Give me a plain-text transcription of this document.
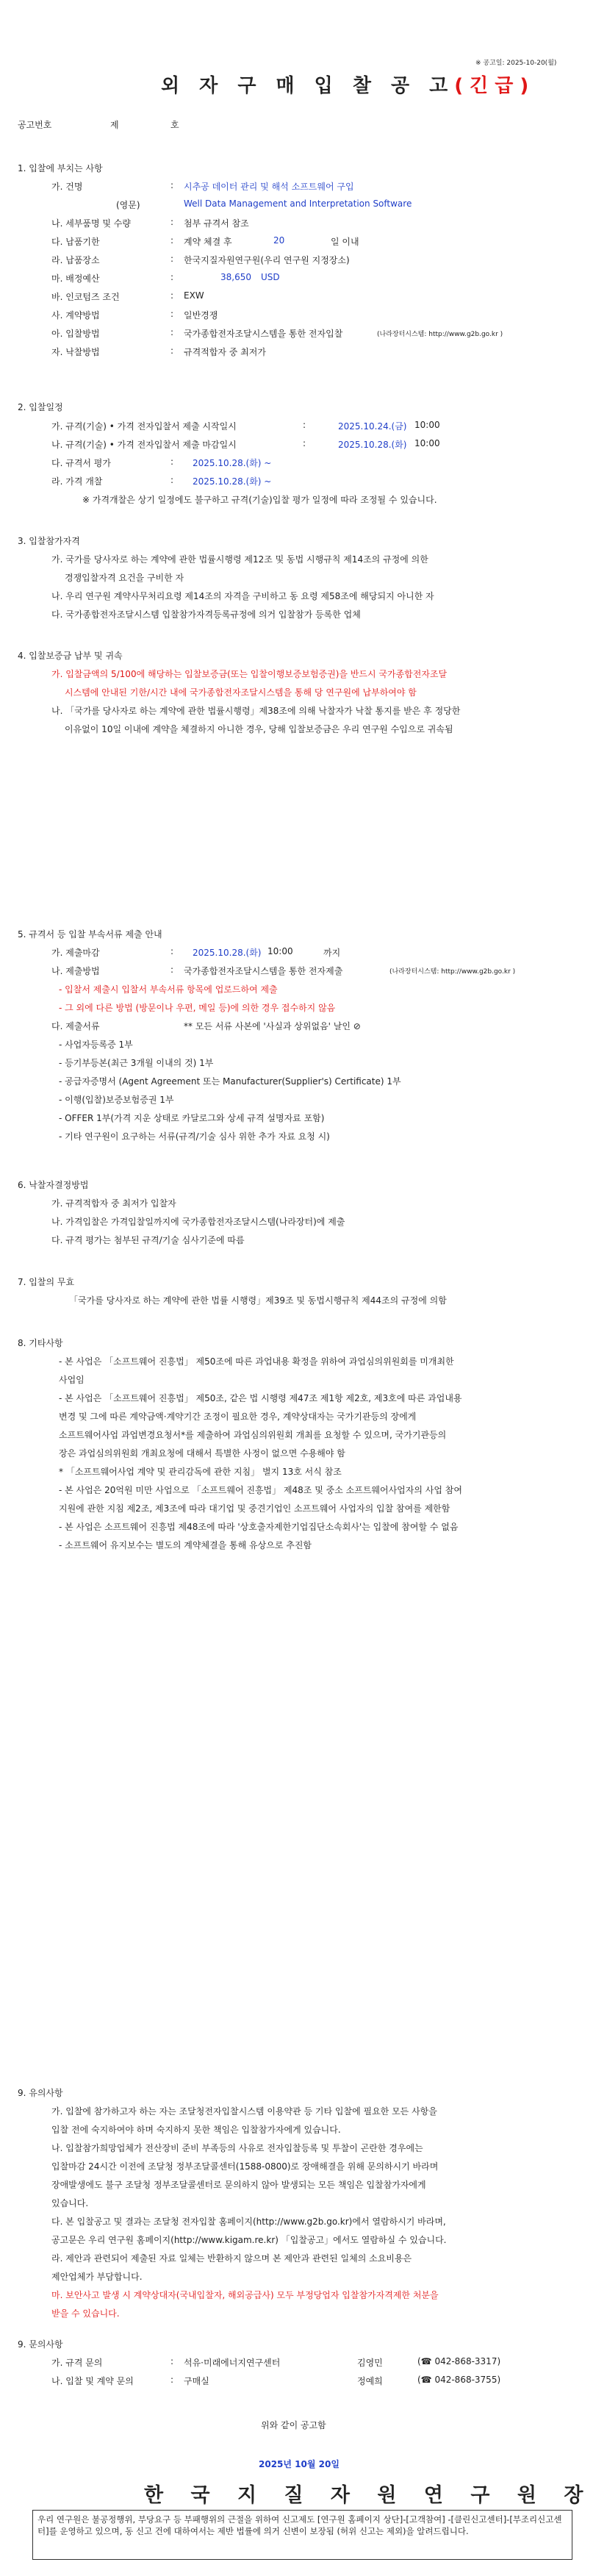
※ 공고일: 2025-10-20(월)
외 자 구 매 입 찰 공 고(긴급)
공고번호	제	호
1. 입찰에 부치는 사항
가. 건명	: 시추공 데이터 관리 및 해석 소프트웨어 구입
(영문)	Well Data Management and Interpretation Software
나. 세부품명 및 수량	: 첨부 규격서 참조
다. 납품기한	: 계약 체결 후	20	일 이내
라. 납품장소	: 한국지질자원연구원(우리 연구원 지정장소)
마. 배정예산	:	38,650 USD
바. 인코텀즈 조건	: EXW
사. 계약방법	: 일반경쟁
아. 입찰방법	: 국가종합전자조달시스템을 통한 전자입찰	(나라장터시스템: http://www.g2b.go.kr )
자. 낙찰방법	: 규격적합자 중 최저가
2. 입찰일정
가. 규격(기술) • 가격 전자입찰서 제출 시작일시	:	2025.10.24.(금) 10:00
나. 규격(기술) • 가격 전자입찰서 제출 마감일시	:	2025.10.28.(화) 10:00
다. 규격서 평가	: 2025.10.28.(화) ~
라. 가격 개찰	: 2025.10.28.(화) ~
※ 가격개찰은 상기 일정에도 불구하고 규격(기술)입찰 평가 일정에 따라 조정될 수 있습니다.
3. 입찰참가자격
가. 국가를 당사자로 하는 계약에 관한 법률시행령 제12조 및 동법 시행규칙 제14조의 규정에 의한
경쟁입찰자격 요건을 구비한 자
나. 우리 연구원 계약사무처리요령 제14조의 자격을 구비하고 동 요령 제58조에 해당되지 아니한 자
다. 국가종합전자조달시스템 입찰참가자격등록규정에 의거 입찰참가 등록한 업체
4. 입찰보증금 납부 및 귀속
가. 입찰금액의 5/100에 해당하는 입찰보증금(또는 입찰이행보증보험증권)을 반드시 국가종합전자조달
시스템에 안내된 기한/시간 내에 국가종합전자조달시스템을 통해 당 연구원에 납부하여야 함
나. 「국가를 당사자로 하는 계약에 관한 법률시행령」제38조에 의해 낙찰자가 낙찰 통지를 받은 후 정당한
이유없이 10일 이내에 계약을 체결하지 아니한 경우, 당해 입찰보증금은 우리 연구원 수입으로 귀속됨
5. 규격서 등 입찰 부속서류 제출 안내
가. 제출마감	: 2025.10.28.(화) 10:00	까지
나. 제출방법	: 국가종합전자조달시스템을 통한 전자제출	(나라장터시스템: http://www.g2b.go.kr )
- 입찰서 제출시 입찰서 부속서류 항목에 업로드하여 제출
- 그 외에 다른 방법 (방문이나 우편, 메일 등)에 의한 경우 접수하지 않음
다. 제출서류	** 모든 서류 사본에 '사실과 상위없음' 날인 ⊘
- 사업자등록증 1부
- 등기부등본(최근 3개월 이내의 것) 1부
- 공급자증명서 (Agent Agreement 또는 Manufacturer(Supplier's) Certificate) 1부
- 이행(입찰)보증보험증권 1부
- OFFER 1부(가격 지운 상태로 카달로그와 상세 규격 설명자료 포함)
- 기타 연구원이 요구하는 서류(규격/기술 심사 위한 추가 자료 요청 시)
6. 낙찰자결정방법
가. 규격적합자 중 최저가 입찰자
나. 가격입찰은 가격입찰일까지에 국가종합전자조달시스템(나라장터)에 제출
다. 규격 평가는 첨부된 규격/기술 심사기준에 따름
7. 입찰의 무효
「국가를 당사자로 하는 계약에 관한 법률 시행령」제39조 및 동법시행규칙 제44조의 규정에 의함
8. 기타사항
- 본 사업은 「소프트웨어 진흥법」 제50조에 따른 과업내용 확정을 위하여 과업심의위원회를 미개최한
사업임
- 본 사업은 「소프트웨어 진흥법」 제50조, 같은 법 시행령 제47조 제1항 제2호, 제3호에 따른 과업내용
변경 및 그에 따른 계약금액·계약기간 조정이 필요한 경우, 계약상대자는 국가기관등의 장에게
소프트웨어사업 과업변경요청서*를 제출하여 과업심의위원회 개최를 요청할 수 있으며, 국가기관등의
장은 과업심의위원회 개최요청에 대해서 특별한 사정이 없으면 수용해야 함
* 「소프트웨어사업 계약 및 관리감독에 관한 지침」 별지 13호 서식 참조
- 본 사업은 20억원 미만 사업으로 「소프트웨어 진흥법」 제48조 및 중소 소프트웨어사업자의 사업 참여
지원에 관한 지침 제2조, 제3조에 따라 대기업 및 중견기업인 소프트웨어 사업자의 입찰 참여를 제한함
- 본 사업은 소프트웨어 진흥법 제48조에 따라 '상호출자제한기업집단소속회사'는 입찰에 참여할 수 없음
- 소프트웨어 유지보수는 별도의 계약체결을 통해 유상으로 추진함
9. 유의사항
가. 입찰에 참가하고자 하는 자는 조달청전자입찰시스템 이용약관 등 기타 입찰에 필요한 모든 사항을
입찰 전에 숙지하여야 하며 숙지하지 못한 책임은 입찰참가자에게 있습니다.
나. 입찰참가희망업체가 전산장비 준비 부족등의 사유로 전자입찰등록 및 투찰이 곤란한 경우에는
입찰마감 24시간 이전에 조달청 정부조달콜센터(1588-0800)로 장애해결을 위해 문의하시기 바라며
장애발생에도 불구 조달청 정부조달콜센터로 문의하지 않아 발생되는 모든 책임은 입찰참가자에게
있습니다.
다. 본 입찰공고 및 결과는 조달청 전자입찰 홈페이지(http://www.g2b.go.kr)에서 열람하시기 바라며,
공고문은 우리 연구원 홈페이지(http://www.kigam.re.kr) 「입찰공고」에서도 열람하실 수 있습니다.
라. 제안과 관련되어 제출된 자료 일체는 반환하지 않으며 본 제안과 관련된 일체의 소요비용은
제안업체가 부담합니다.
마. 보안사고 발생 시 계약상대자(국내입찰자, 해외공급사) 모두 부정당업자 입찰참가자격제한 처분을
받을 수 있습니다.
9. 문의사항
가. 규격 문의	: 석유·미래에너지연구센터	김영민	(☎ 042-868-3317)
나. 입찰 및 계약 문의	: 구매실	정예희	(☎ 042-868-3755)
위와 같이 공고함
2025년 10월 20일
한 국 지 질 자 원 연 구 원 장
우리 연구원은 불공정행위, 부당요구 등 부패행위의 근절을 위하여 신고제도 [연구원 홈페이지 상단]-[고객참여] -[클린신고센터]-[부조리신고센터]를 운영하고 있으며, 동 신고 건에 대하여서는 제반 법률에 의거 신변이 보장됨 (허위 신고는 제외)을 알려드립니다.
